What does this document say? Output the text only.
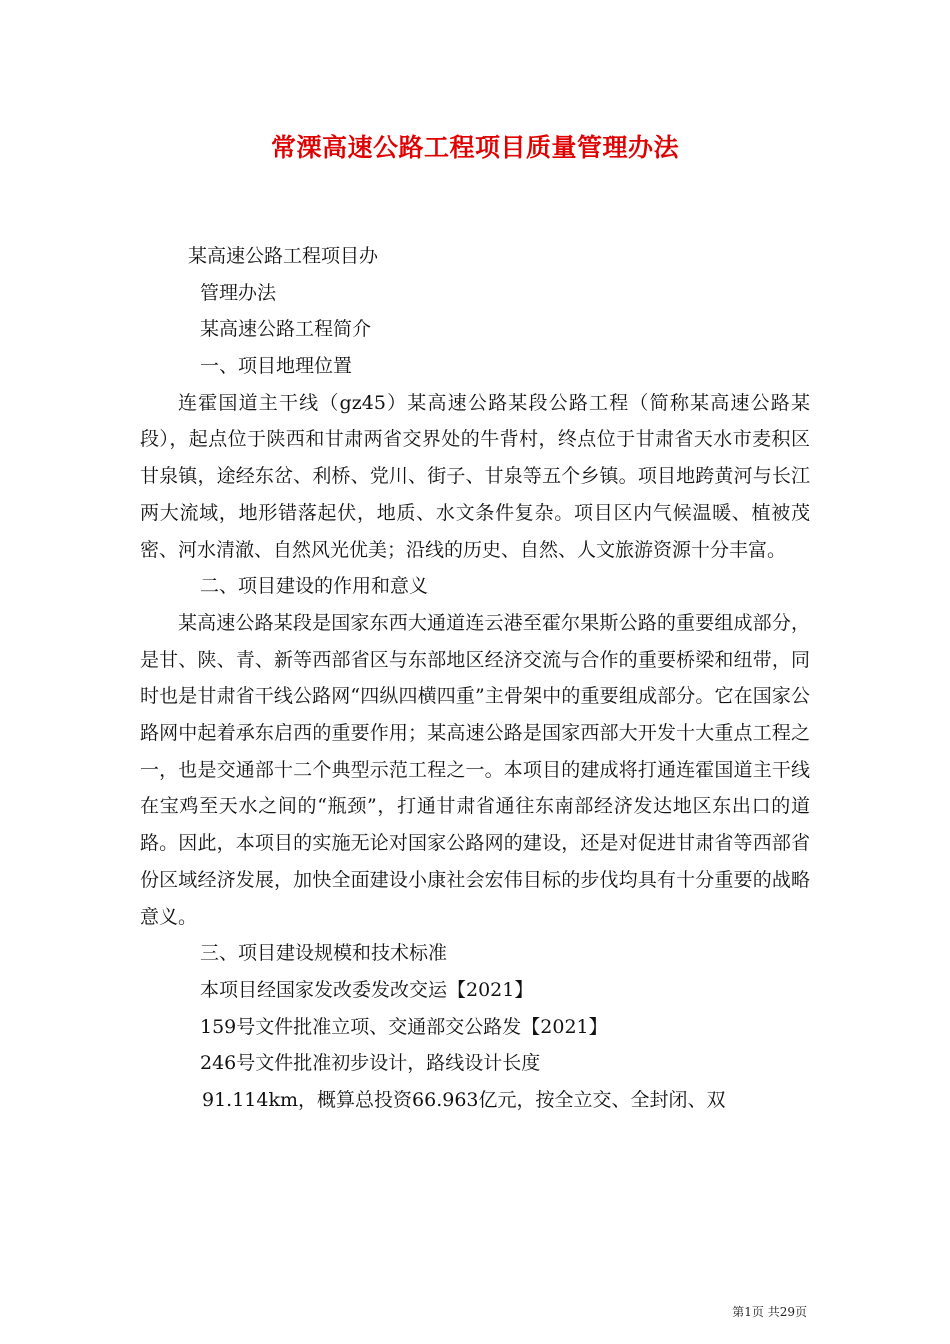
常溧高速公路工程项目质量管理办法
某高速公路工程项目办
管理办法
某高速公路工程简介
一、项目地理位置

连霍国道主干线（gz45）某高速公路某段公路工程（简称某高速公路某段），起点位于陕西和甘肃两省交界处的牛背村，终点位于甘肃省天水市麦积区甘泉镇，途经东岔、利桥、党川、街子、甘泉等五个乡镇。项目地跨黄河与长江两大流域，地形错落起伏，地质、水文条件复杂。项目区内气候温暖、植被茂密、河水清澈、自然风光优美；沿线的历史、自然、人文旅游资源十分丰富。

二、项目建设的作用和意义

某高速公路某段是国家东西大通道连云港至霍尔果斯公路的重要组成部分，是甘、陕、青、新等西部省区与东部地区经济交流与合作的重要桥梁和纽带，同时也是甘肃省干线公路网“四纵四横四重”主骨架中的重要组成部分。它在国家公路网中起着承东启西的重要作用；某高速公路是国家西部大开发十大重点工程之一，也是交通部十二个典型示范工程之一。本项目的建成将打通连霍国道主干线在宝鸡至天水之间的“瓶颈”，打通甘肃省通往东南部经济发达地区东出口的道路。因此，本项目的实施无论对国家公路网的建设，还是对促进甘肃省等西部省份区域经济发展，加快全面建设小康社会宏伟目标的步伐均具有十分重要的战略意义。

三、项目建设规模和技术标准
本项目经国家发改委发改交运【2021】
159号文件批准立项、交通部交公路发【2021】
246号文件批准初步设计，路线设计长度
91.114km，概算总投资66.963亿元，按全立交、全封闭、双
第1页 共29页
